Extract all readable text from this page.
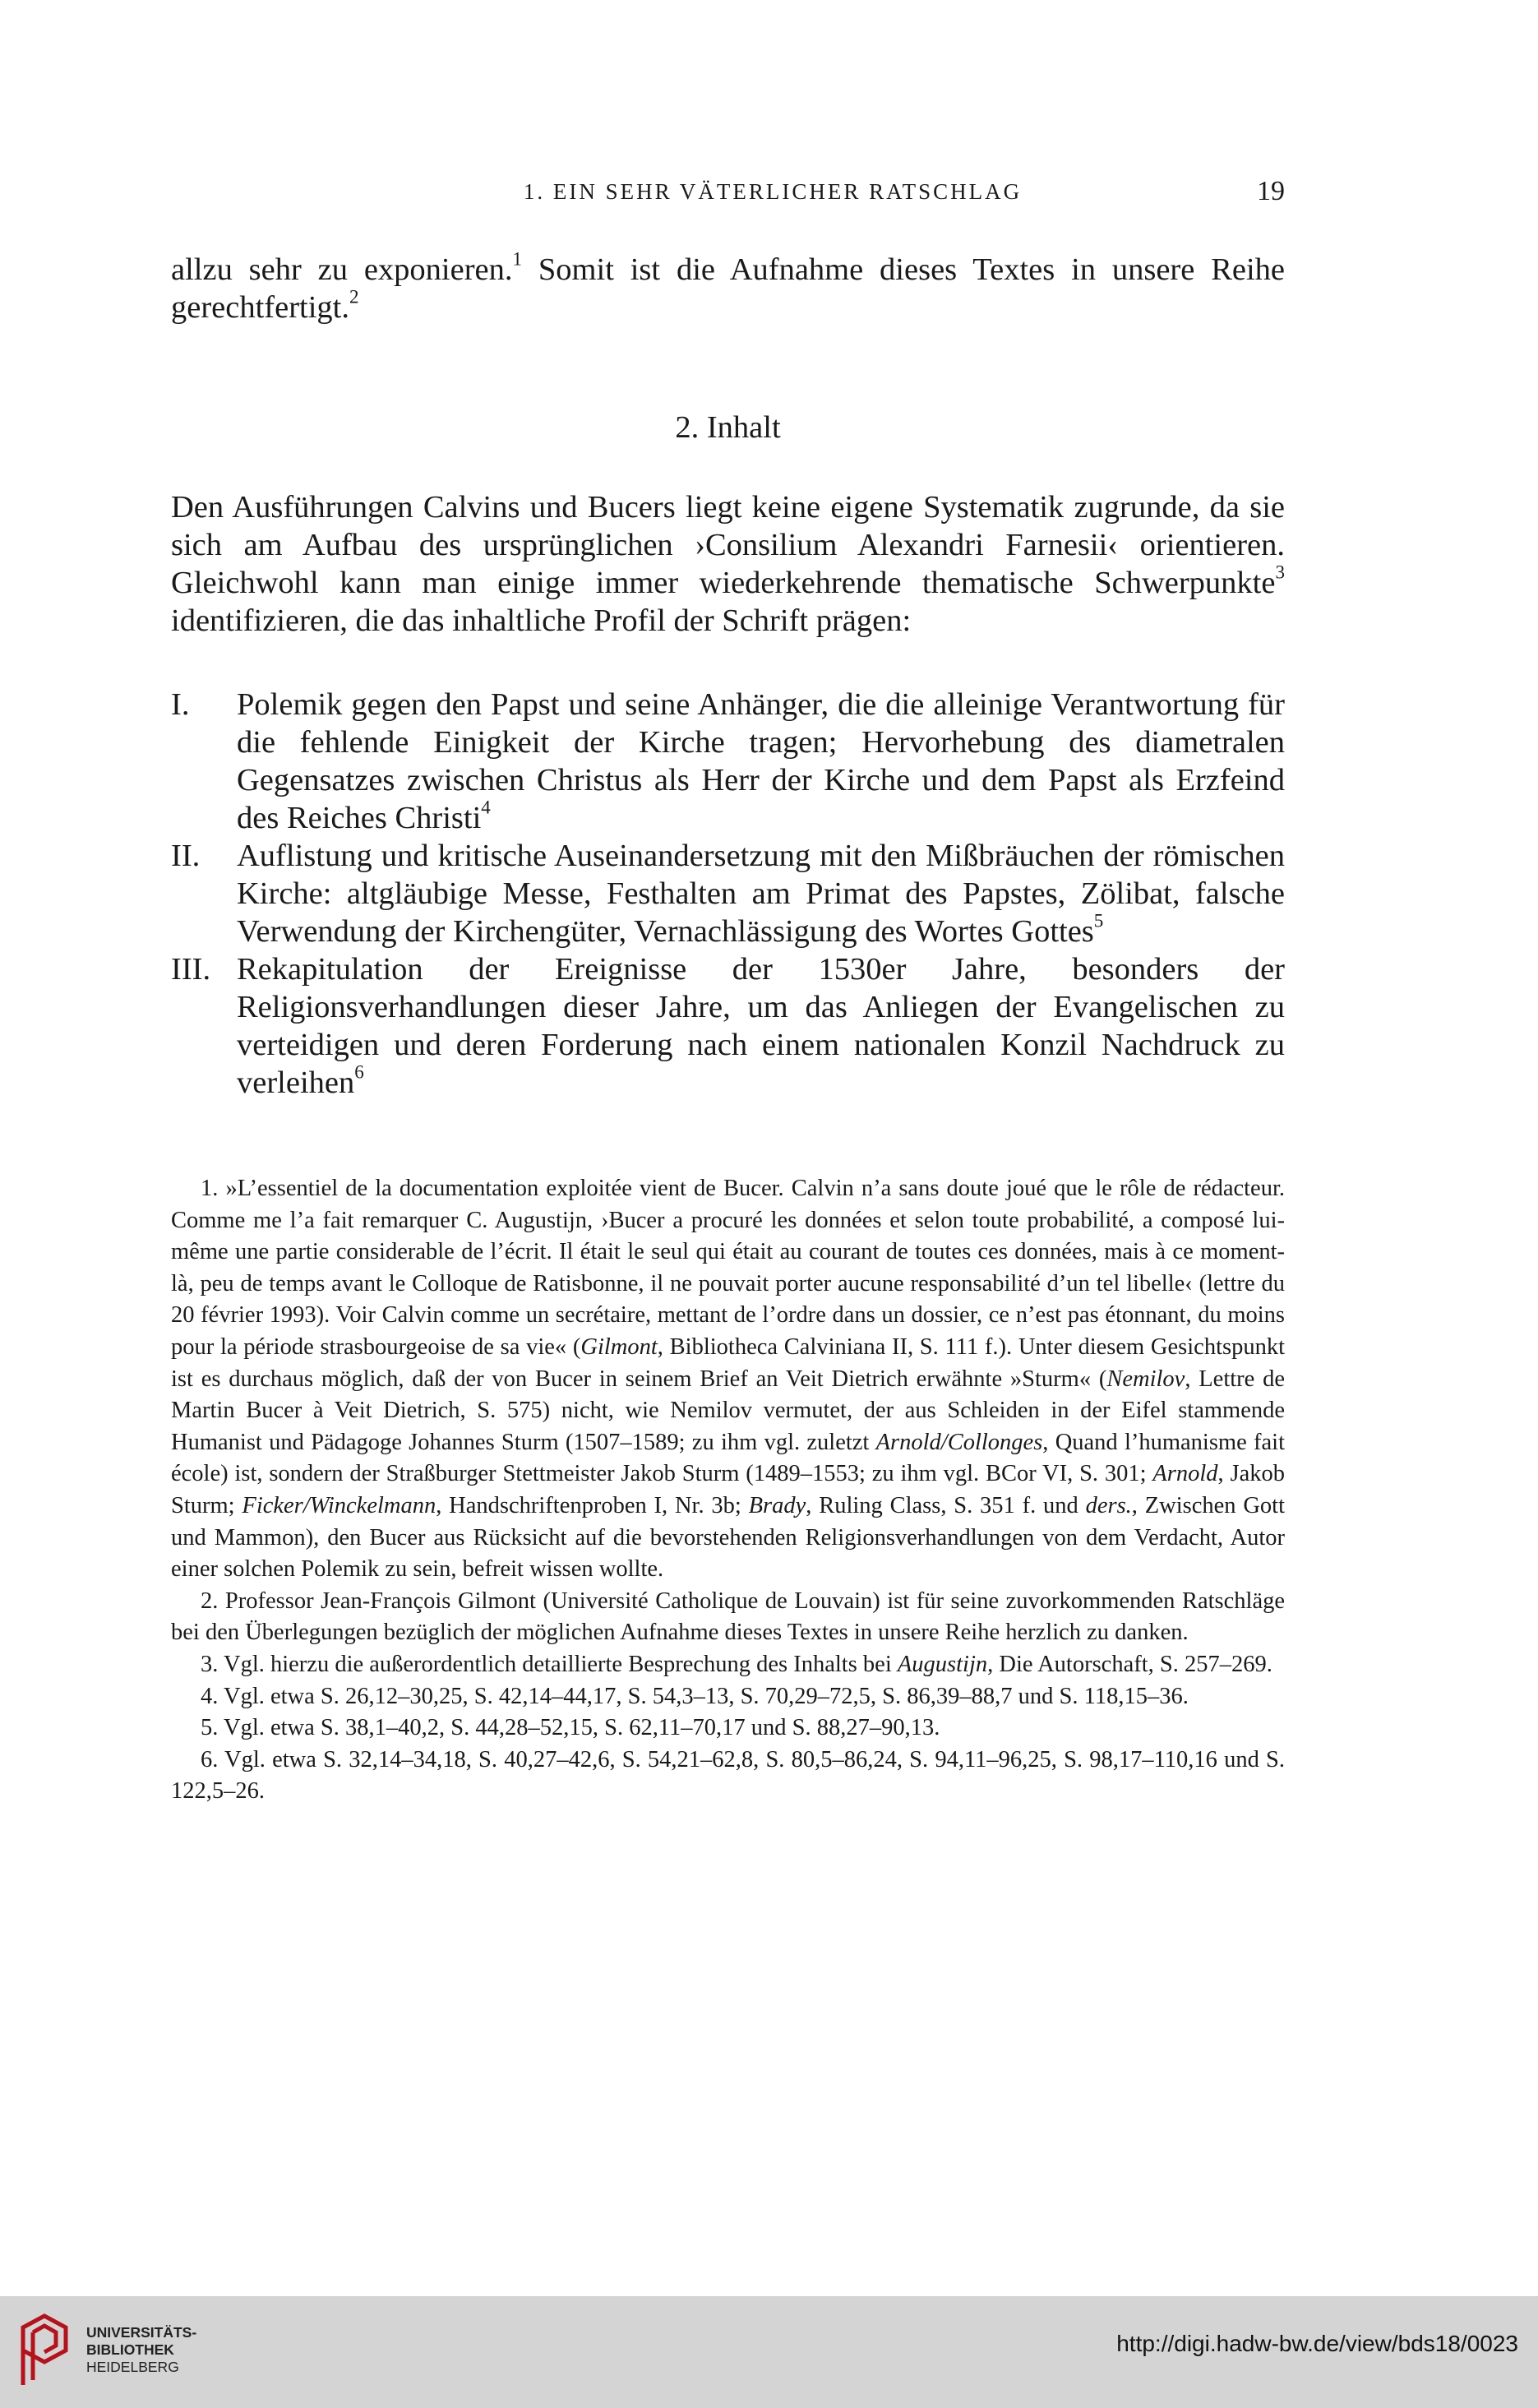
1. EIN SEHR VÄTERLICHER RATSCHLAG	19

allzu sehr zu exponieren.$^1$ Somit ist die Aufnahme dieses Textes in unsere Reihe gerechtfertigt.$^2$

2. Inhalt

Den Ausführungen Calvins und Bucers liegt keine eigene Systematik zugrunde, da sie sich am Aufbau des ursprünglichen ›Consilium Alexandri Farnesii‹ orientieren. Gleichwohl kann man einige immer wiederkehrende thematische Schwerpunkte$^3$ identifizieren, die das inhaltliche Profil der Schrift prägen:

I. Polemik gegen den Papst und seine Anhänger, die die alleinige Verantwortung für die fehlende Einigkeit der Kirche tragen; Hervorhebung des diametralen Gegensatzes zwischen Christus als Herr der Kirche und dem Papst als Erzfeind des Reiches Christi$^4$
II. Auflistung und kritische Auseinandersetzung mit den Mißbräuchen der römischen Kirche: altgläubige Messe, Festhalten am Primat des Papstes, Zölibat, falsche Verwendung der Kirchengüter, Vernachlässigung des Wortes Gottes$^5$
III. Rekapitulation der Ereignisse der 1530er Jahre, besonders der Religionsverhandlungen dieser Jahre, um das Anliegen der Evangelischen zu verteidigen und deren Forderung nach einem nationalen Konzil Nachdruck zu verleihen$^6$

1. »L’essentiel de la documentation exploitée vient de Bucer. Calvin n’a sans doute joué que le rôle de rédacteur. Comme me l’a fait remarquer C. Augustijn, ›Bucer a procuré les données et selon toute probabilité, a composé lui-même une partie considerable de l’écrit. Il était le seul qui était au courant de toutes ces données, mais à ce moment-là, peu de temps avant le Colloque de Ratisbonne, il ne pouvait porter aucune responsabilité d’un tel libelle‹ (lettre du 20 février 1993). Voir Calvin comme un secrétaire, mettant de l’ordre dans un dossier, ce n’est pas étonnant, du moins pour la période strasbourgeoise de sa vie« (Gilmont, Bibliotheca Calviniana II, S. 111 f.). Unter diesem Gesichtspunkt ist es durchaus möglich, daß der von Bucer in seinem Brief an Veit Dietrich erwähnte »Sturm« (Nemilov, Lettre de Martin Bucer à Veit Dietrich, S. 575) nicht, wie Nemilov vermutet, der aus Schleiden in der Eifel stammende Humanist und Pädagoge Johannes Sturm (1507–1589; zu ihm vgl. zuletzt Arnold/Collonges, Quand l’humanisme fait école) ist, sondern der Straßburger Stettmeister Jakob Sturm (1489–1553; zu ihm vgl. BCor VI, S. 301; Arnold, Jakob Sturm; Ficker/Winckelmann, Handschriftenproben I, Nr. 3b; Brady, Ruling Class, S. 351 f. und ders., Zwischen Gott und Mammon), den Bucer aus Rücksicht auf die bevorstehenden Religionsverhandlungen von dem Verdacht, Autor einer solchen Polemik zu sein, befreit wissen wollte.

2. Professor Jean-François Gilmont (Université Catholique de Louvain) ist für seine zuvorkommenden Ratschläge bei den Überlegungen bezüglich der möglichen Aufnahme dieses Textes in unsere Reihe herzlich zu danken.

3. Vgl. hierzu die außerordentlich detaillierte Besprechung des Inhalts bei Augustijn, Die Autorschaft, S. 257–269.

4. Vgl. etwa S. 26,12–30,25, S. 42,14–44,17, S. 54,3–13, S. 70,29–72,5, S. 86,39–88,7 und S. 118,15–36.

5. Vgl. etwa S. 38,1–40,2, S. 44,28–52,15, S. 62,11–70,17 und S. 88,27–90,13.

6. Vgl. etwa S. 32,14–34,18, S. 40,27–42,6, S. 54,21–62,8, S. 80,5–86,24, S. 94,11–96,25, S. 98,17–110,16 und S. 122,5–26.

UNIVERSITÄTS-
BIBLIOTHEK
HEIDELBERG
http://digi.hadw-bw.de/view/bds18/0023
